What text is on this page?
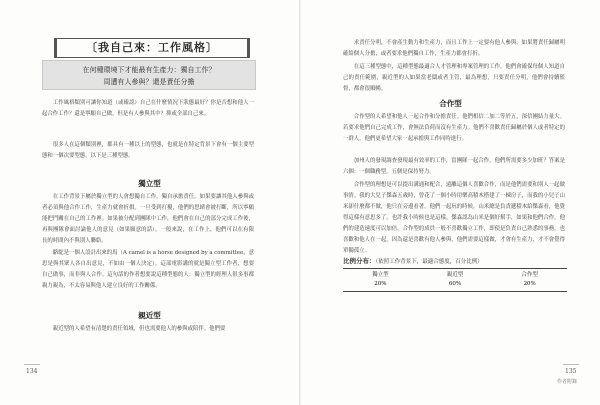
〔我自己來：工作風格〕
在何種環境下才能最有生產力：獨自工作？
周遭有人參與？還是責任分擔
工作風格類別可讓你知道（或確認）自己在什麼情況下狀態最好？你是否想和他人一起合作工作？還是寧願自己做，但是有人參與其中？抑或全部自己來。
很多人在這個類別裡，都具有一種以上的型態，也就是在特定背景下會有一個主要型態和一個次要型態，以下是三種型態。
獨立型
在工作背景下屬於獨立型的人會想獨自工作，獨自承擔責任。如果要讓其他人參與或者必須與他合作工作，生產力就會折損。一旦受到打擾，他們的思緒會被打斷，所以寧願能把門關在自己的工作裡。如果被分配到團隊中工作，他們會在自己的部分完成工作後，再與團隊會面討論他人的意見（如果願意的話）。一般來說，在工作上，他們可以在有限長的時間內不與別人聯絡。
駱駝是一個人設計出來的馬（A camel is a horse designed by a committee，意思是與其眾人各自出意見，不如由一個人決定）。這部電影講的就是獨立型工作者，想要自己做事，而非與人合作。這句話的作者想要說這種型態的人：獨立型的經理人很多事都親力親為，不太容易與他人建立良好的工作關係。
親近型
親近型的人希望有清楚的責任領域，但也需要他人的參與或陪伴。他們要
134
求責任分明，不會產生動力和生產力，而且工作上一定要有他人參與。如果將責任歸屬明確給個人分擔，或者要求他們獨自工作，生產力都會打折。
在這三種型態中，這種型態最適合人才管理和專案管理的工作。他們會確保每個人知道自己的責任範圍，親近型的人如果當老闆或者主管，最為理想，只要責任分明，他們會持續監督，都會很順暢。
合作型
合作型的人希望和他人一起合作和分擔責任。他們相信二加二等於五，深信團結力量大。若要求他們自己完成工作，會無法負荷而沒有生產力。他們不喜歡責任歸屬於個人或者特定的一群人，他們更希望大家一起承擔與工作同時進行。
加州人的發現調查發現最有效率的工作，當團隊一起合作，他們所需要多少加班？答案是六個：一個職務型，五個是保持努力。
合作型的理想是可以提出溝通和配合，遠離這個人喜歡合作，而是他們需要和別人一起做事情。我的大兒子傑森五歲時，曾花了一個小時用樂高積木搭建了一棟房子，而我的小兒子山米卻什麼都不做，他只在旁邊看著。他們一起玩的時候，山米總是負責遞積木給傑森看，他覺得這樣有意思多了。也許我小時候也是這樣。傑森認為山米是個好幫手，如果和他們合作，他們的建造速度可以加倍。合作型的成員一般不喜歡獨立工作，即使是負責自己熟悉的事務，也喜歡和他人在一起。因為還是喜歡有他人參與，他們需要這樣做，才會有生產力，才不會覺得單獨孤立。
比例分布：（依照工作背景下，最適合態度，百分比例）
獨立型
20%
親近型
60%
合作型
20%
135
作者附錄
